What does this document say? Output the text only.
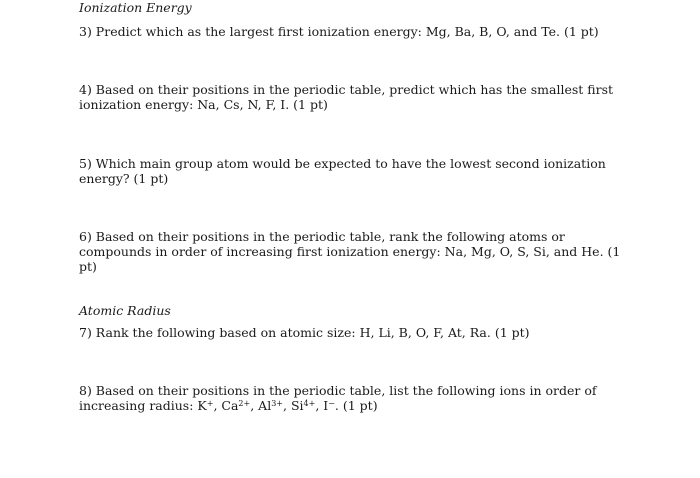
Ionization Energy

3) Predict which as the largest first ionization energy: Mg, Ba, B, O, and Te. (1 pt)

4) Based on their positions in the periodic table, predict which has the smallest first ionization energy: Na, Cs, N, F, I. (1 pt)

5) Which main group atom would be expected to have the lowest second ionization energy? (1 pt)

6) Based on their positions in the periodic table, rank the following atoms or compounds in order of increasing first ionization energy: Na, Mg, O, S, Si, and He. (1 pt)

Atomic Radius

7) Rank the following based on atomic size: H, Li, B, O, F, At, Ra. (1 pt)

8) Based on their positions in the periodic table, list the following ions in order of increasing radius: K+, $Ca^{2+}$, $Al^{3+}$, $Si^{4+}$, I−. (1 pt)
